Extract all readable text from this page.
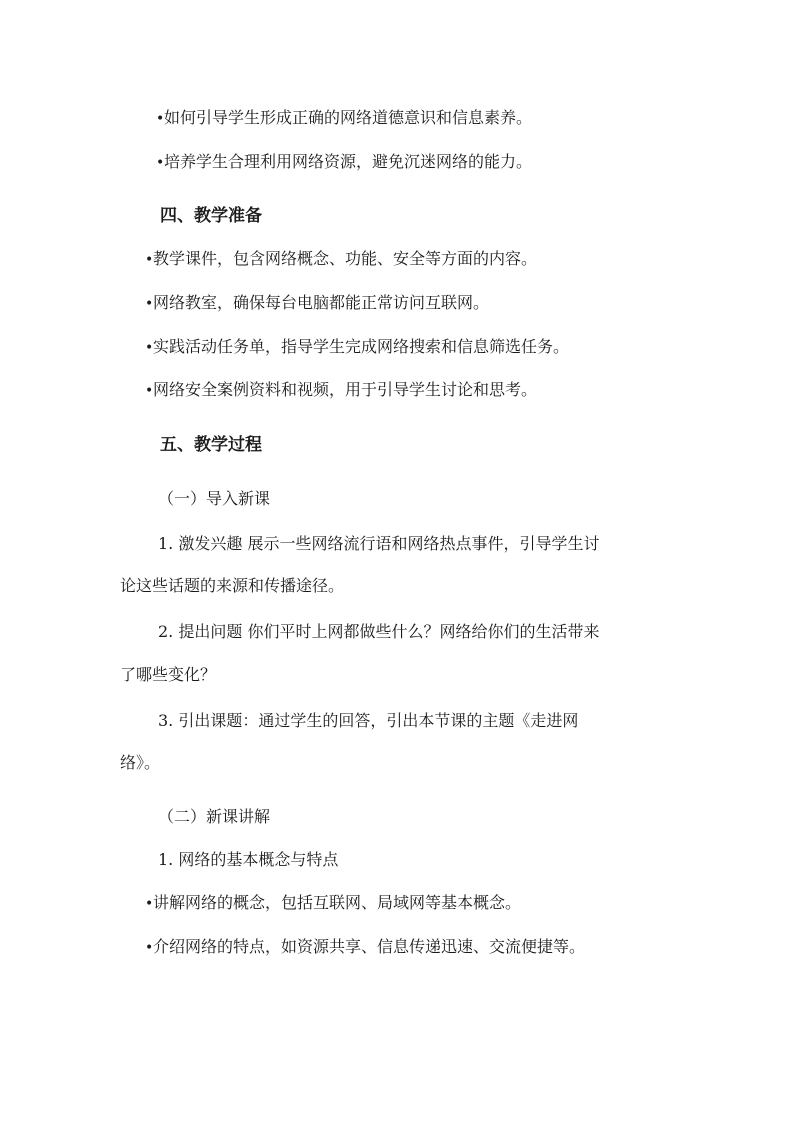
• 如何引导学生形成正确的网络道德意识和信息素养。
• 培养学生合理利用网络资源，避免沉迷网络的能力。
四、教学准备
• 教学课件，包含网络概念、功能、安全等方面的内容。
• 网络教室，确保每台电脑都能正常访问互联网。
• 实践活动任务单，指导学生完成网络搜索和信息筛选任务。
• 网络安全案例资料和视频，用于引导学生讨论和思考。
五、教学过程
（一）导入新课
1. 激发兴趣 展示一些网络流行语和网络热点事件，引导学生讨
论这些话题的来源和传播途径。
2. 提出问题 你们平时上网都做些什么？网络给你们的生活带来
了哪些变化？
3. 引出课题：通过学生的回答，引出本节课的主题《走进网
络》。
（二）新课讲解
1. 网络的基本概念与特点
• 讲解网络的概念，包括互联网、局域网等基本概念。
• 介绍网络的特点，如资源共享、信息传递迅速、交流便捷等。
